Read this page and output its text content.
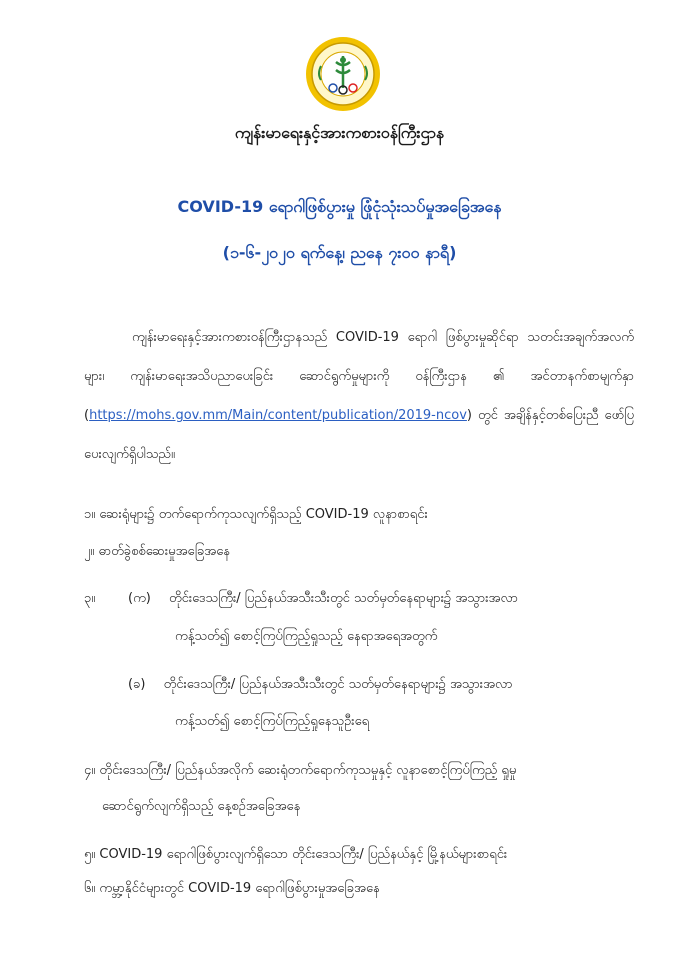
ကျန်းမာရေးနှင့်အားကစားဝန်ကြီးဌာန
COVID-19 ရောဂါဖြစ်ပွားမှု ဖြုံငုံသုံးသပ်မှုအခြေအနေ
(၁-၆-၂၀၂၀ ရက်နေ့၊ ညနေ ၇း၀၀ နာရီ)
ကျန်းမာရေးနှင့်အားကစားဝန်ကြီးဌာနသည် COVID-19 ရောဂါ ဖြစ်ပွားမှုဆိုင်ရာ သတင်းအချက်အလက်များ၊ ကျန်းမာရေးအသိပညာပေးခြင်း ဆောင်ရွက်မှုများကို ဝန်ကြီးဌာန ၏ အင်တာနက်စာမျက်နှာ (https://mohs.gov.mm/Main/content/publication/2019-ncov) တွင် အချိန်နှင့်တစ်ပြေးညီ ဖော်ပြပေးလျက်ရှိပါသည်။
၁။ ဆေးရုံများ၌ တက်ရောက်ကုသလျက်ရှိသည့် COVID-19 လူနာစာရင်း
၂။ ဓာတ်ခွဲစစ်ဆေးမှုအခြေအနေ
၃။	(က) တိုင်းဒေသကြီး/ ပြည်နယ်အသီးသီးတွင် သတ်မှတ်နေရာများ၌ အသွားအလာ
ကန့်သတ်၍ စောင့်ကြပ်ကြည့်ရှုသည့် နေရာအရေအတွက်
(ခ) တိုင်းဒေသကြီး/ ပြည်နယ်အသီးသီးတွင် သတ်မှတ်နေရာများ၌ အသွားအလာ
ကန့်သတ်၍ စောင့်ကြပ်ကြည့်ရှုနေသူဦးရေ
၄။ တိုင်းဒေသကြီး/ ပြည်နယ်အလိုက် ဆေးရုံတက်ရောက်ကုသမှုနှင့် လူနာစောင့်ကြပ်ကြည့် ရှုမှု
ဆောင်ရွက်လျက်ရှိသည့် နေ့စဉ်အခြေအနေ
၅။ COVID-19 ရောဂါဖြစ်ပွားလျက်ရှိသော တိုင်းဒေသကြီး/ ပြည်နယ်နှင့် မြို့နယ်များစာရင်း
၆။ ကမ္ဘာ့နိုင်ငံများတွင် COVID-19 ရောဂါဖြစ်ပွားမှုအခြေအနေ
